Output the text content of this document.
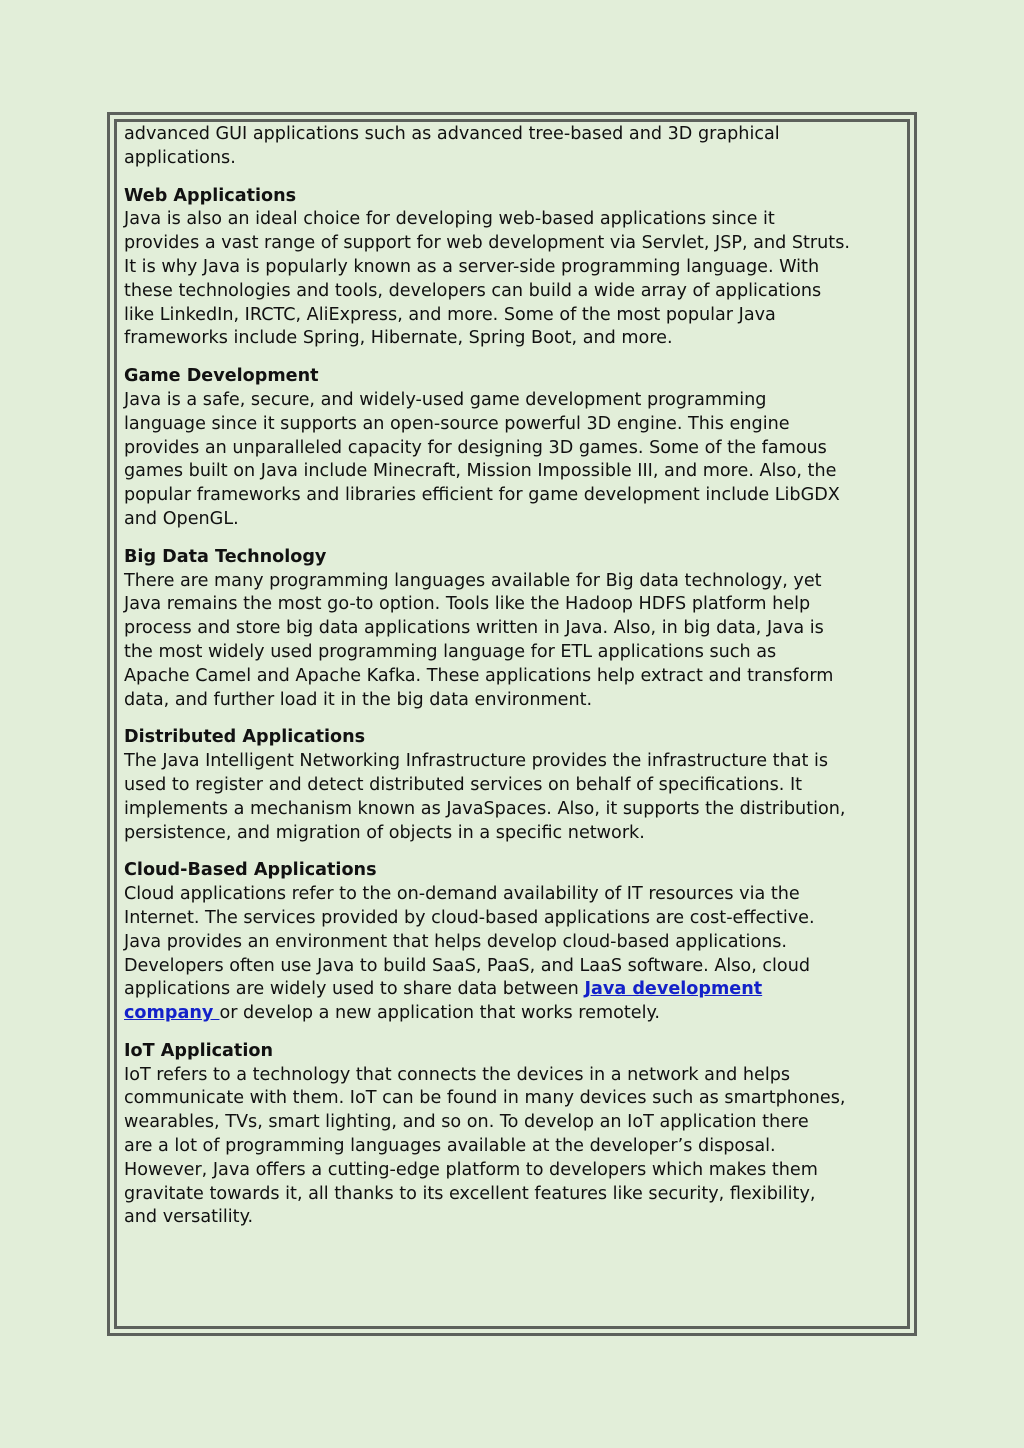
advanced GUI applications such as advanced tree-based and 3D graphical
applications.

Web Applications

Java is also an ideal choice for developing web-based applications since it
provides a vast range of support for web development via Servlet, JSP, and Struts.
It is why Java is popularly known as a server-side programming language. With
these technologies and tools, developers can build a wide array of applications
like LinkedIn, IRCTC, AliExpress, and more. Some of the most popular Java
frameworks include Spring, Hibernate, Spring Boot, and more.

Game Development

Java is a safe, secure, and widely-used game development programming
language since it supports an open-source powerful 3D engine. This engine
provides an unparalleled capacity for designing 3D games. Some of the famous
games built on Java include Minecraft, Mission Impossible III, and more. Also, the
popular frameworks and libraries efficient for game development include LibGDX
and OpenGL.

Big Data Technology

There are many programming languages available for Big data technology, yet
Java remains the most go-to option. Tools like the Hadoop HDFS platform help
process and store big data applications written in Java. Also, in big data, Java is
the most widely used programming language for ETL applications such as
Apache Camel and Apache Kafka. These applications help extract and transform
data, and further load it in the big data environment.

Distributed Applications

The Java Intelligent Networking Infrastructure provides the infrastructure that is
used to register and detect distributed services on behalf of specifications. It
implements a mechanism known as JavaSpaces. Also, it supports the distribution,
persistence, and migration of objects in a specific network.

Cloud-Based Applications

Cloud applications refer to the on-demand availability of IT resources via the
Internet. The services provided by cloud-based applications are cost-effective.
Java provides an environment that helps develop cloud-based applications.
Developers often use Java to build SaaS, PaaS, and LaaS software. Also, cloud
applications are widely used to share data between Java development
company or develop a new application that works remotely.

IoT Application

IoT refers to a technology that connects the devices in a network and helps
communicate with them. IoT can be found in many devices such as smartphones,
wearables, TVs, smart lighting, and so on. To develop an IoT application there
are a lot of programming languages available at the developer’s disposal.
However, Java offers a cutting-edge platform to developers which makes them
gravitate towards it, all thanks to its excellent features like security, flexibility,
and versatility.
